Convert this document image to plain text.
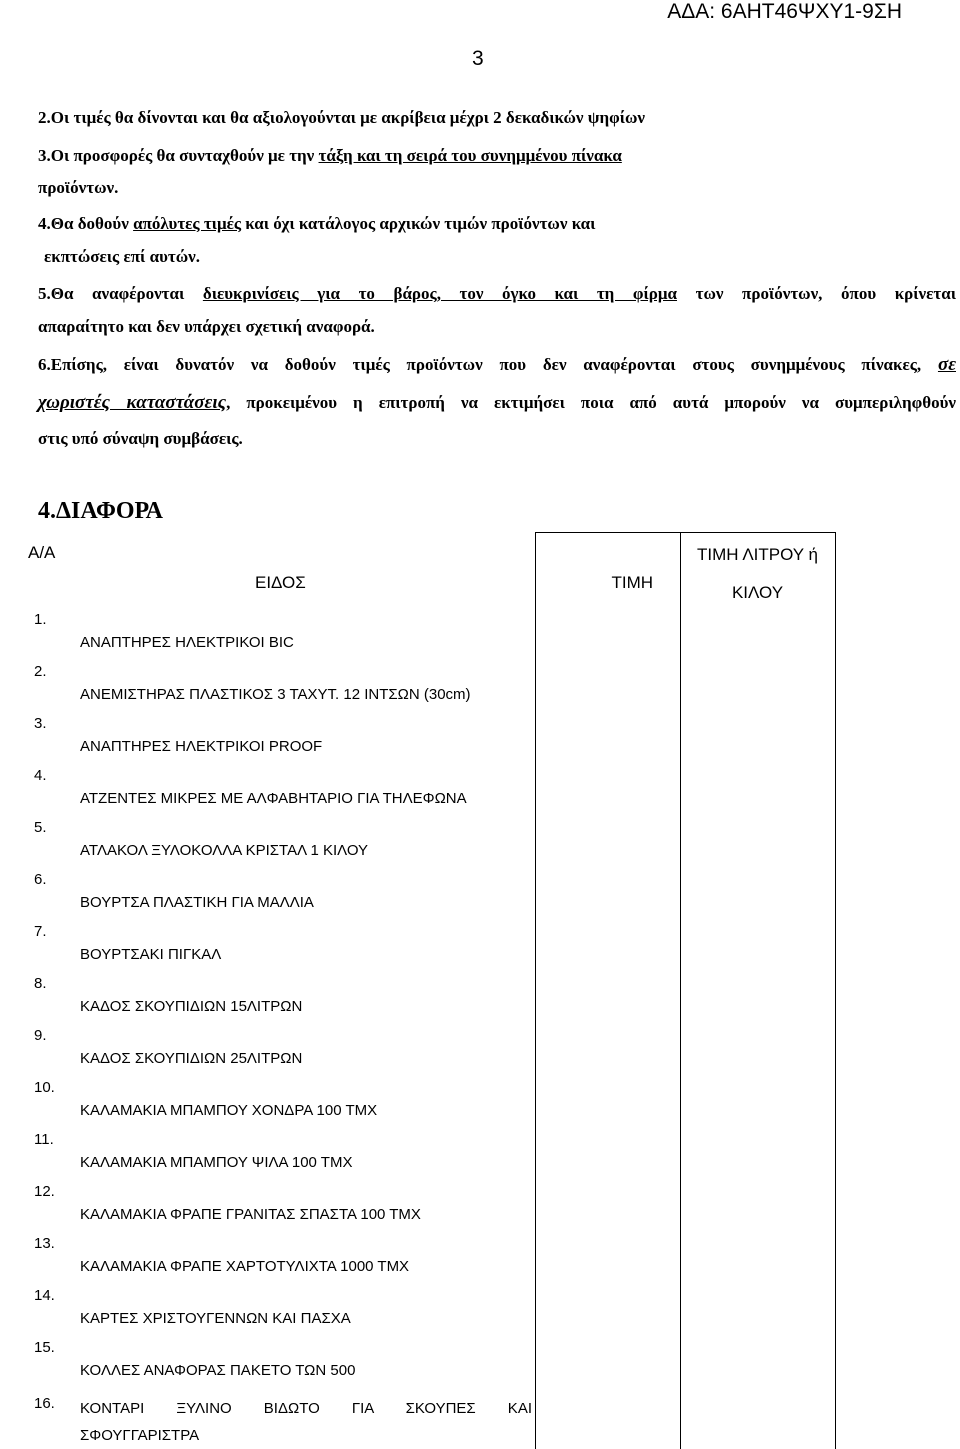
ΑΔΑ: 6ΑΗΤ46ΨΧΥ1-9ΣΗ
3
2.Οι τιμές θα δίνονται και θα αξιολογούνται με ακρίβεια μέχρι 2 δεκαδικών ψηφίων
3.Οι προσφορές θα συνταχθούν με την τάξη και τη σειρά του συνημμένου πίνακα
προϊόντων.
4.Θα δοθούν απόλυτες τιμές και όχι κατάλογος αρχικών τιμών προϊόντων και
εκπτώσεις επί αυτών.
5.Θα αναφέρονται διευκρινίσεις για το βάρος, τον όγκο και τη φίρμα των προϊόντων, όπου κρίνεται
απαραίτητο και δεν υπάρχει σχετική αναφορά.
6.Επίσης, είναι δυνατόν να δοθούν τιμές προϊόντων που δεν αναφέρονται στους συνημμένους πίνακες, σε
χωριστές καταστάσεις, προκειμένου η επιτροπή να εκτιμήσει ποια από αυτά μπορούν να συμπεριληφθούν
στις υπό σύναψη συμβάσεις.
4.ΔΙΑΦΟΡΑ
Α/Α	ΕΙΔΟΣ	ΤΙΜΗ	ΤΙΜΗ ΛΙΤΡΟΥ ή
ΚΙΛΟΥ

1.	ΑΝΑΠΤΗΡΕΣ ΗΛΕΚΤΡΙΚΟΙ BIC		
2.	ΑΝΕΜΙΣΤΗΡΑΣ ΠΛΑΣΤΙΚΟΣ 3 ΤΑΧΥΤ. 12 ΙΝΤΣΩΝ (30cm)		
3.	ΑΝΑΠΤΗΡΕΣ ΗΛΕΚΤΡΙΚΟΙ PROOF		
4.	ΑΤΖΕΝΤΕΣ ΜΙΚΡΕΣ ΜΕ ΑΛΦΑΒΗΤΑΡΙΟ ΓΙΑ ΤΗΛΕΦΩΝΑ		
5.	ΑΤΛΑΚΟΛ ΞΥΛΟΚΟΛΛΑ ΚΡΙΣΤΑΛ 1 ΚΙΛΟΥ		
6.	ΒΟΥΡΤΣΑ ΠΛΑΣΤΙΚΗ ΓΙΑ ΜΑΛΛΙΑ		
7.	ΒΟΥΡΤΣΑΚΙ ΠΙΓΚΑΛ		
8.	ΚΑΔΟΣ ΣΚΟΥΠΙΔΙΩΝ 15ΛΙΤΡΩΝ		
9.	ΚΑΔΟΣ ΣΚΟΥΠΙΔΙΩΝ 25ΛΙΤΡΩΝ		
10.	ΚΑΛΑΜΑΚΙΑ ΜΠΑΜΠΟΥ ΧΟΝΔΡΑ 100 ΤΜΧ		
11.	ΚΑΛΑΜΑΚΙΑ ΜΠΑΜΠΟΥ ΨΙΛΑ 100 ΤΜΧ		
12.	ΚΑΛΑΜΑΚΙΑ ΦΡΑΠΕ ΓΡΑΝΙΤΑΣ ΣΠΑΣΤΑ 100 ΤΜΧ		
13.	ΚΑΛΑΜΑΚΙΑ ΦΡΑΠΕ ΧΑΡΤΟΤΥΛΙΧΤΑ 1000 ΤΜΧ		
14.	ΚΑΡΤΕΣ ΧΡΙΣΤΟΥΓΕΝΝΩΝ ΚΑΙ ΠΑΣΧΑ		
15.	ΚΟΛΛΕΣ ΑΝΑΦΟΡΑΣ ΠΑΚΕΤΟ ΤΩΝ 500		
16.	ΚΟΝΤΑΡΙ ΞΥΛΙΝΟ ΒΙΔΩΤΟ ΓΙΑ ΣΚΟΥΠΕΣ ΚΑΙ
ΣΦΟΥΓΓΑΡΙΣΤΡΑ		
